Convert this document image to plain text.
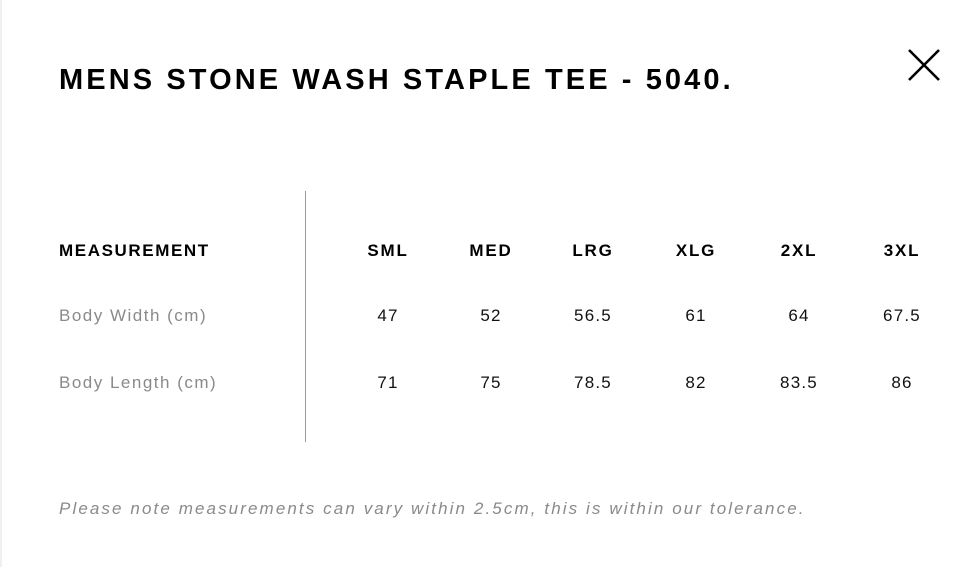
MENS STONE WASH STAPLE TEE - 5040.
MEASUREMENT	SML	MED	LRG	XLG	2XL	3XL
Body Width (cm)	47	52	56.5	61	64	67.5
Body Length (cm)	71	75	78.5	82	83.5	86
Please note measurements can vary within 2.5cm, this is within our tolerance.
